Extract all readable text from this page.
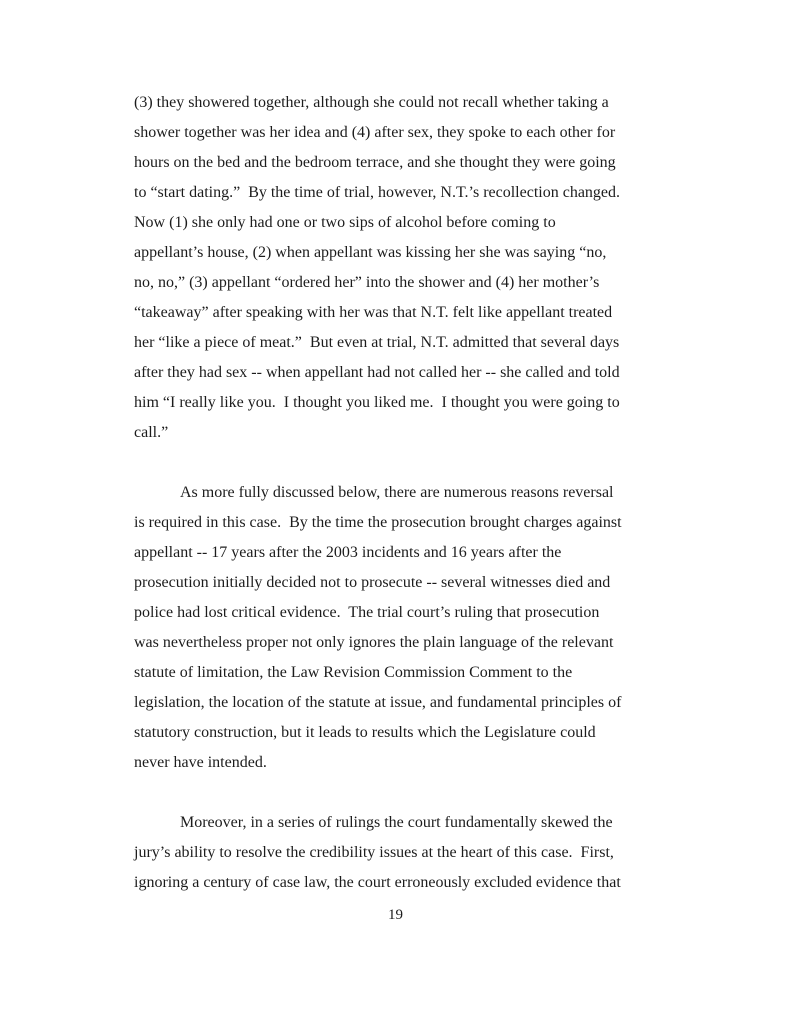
(3) they showered together, although she could not recall whether taking a
shower together was her idea and (4) after sex, they spoke to each other for
hours on the bed and the bedroom terrace, and she thought they were going
to “start dating.”  By the time of trial, however, N.T.’s recollection changed.
Now (1) she only had one or two sips of alcohol before coming to
appellant’s house, (2) when appellant was kissing her she was saying “no,
no, no,” (3) appellant “ordered her” into the shower and (4) her mother’s
“takeaway” after speaking with her was that N.T. felt like appellant treated
her “like a piece of meat.”  But even at trial, N.T. admitted that several days
after they had sex -- when appellant had not called her -- she called and told
him “I really like you.  I thought you liked me.  I thought you were going to
call.”
As more fully discussed below, there are numerous reasons reversal
is required in this case.  By the time the prosecution brought charges against
appellant -- 17 years after the 2003 incidents and 16 years after the
prosecution initially decided not to prosecute -- several witnesses died and
police had lost critical evidence.  The trial court’s ruling that prosecution
was nevertheless proper not only ignores the plain language of the relevant
statute of limitation, the Law Revision Commission Comment to the
legislation, the location of the statute at issue, and fundamental principles of
statutory construction, but it leads to results which the Legislature could
never have intended.
Moreover, in a series of rulings the court fundamentally skewed the
jury’s ability to resolve the credibility issues at the heart of this case.  First,
ignoring a century of case law, the court erroneously excluded evidence that
19
